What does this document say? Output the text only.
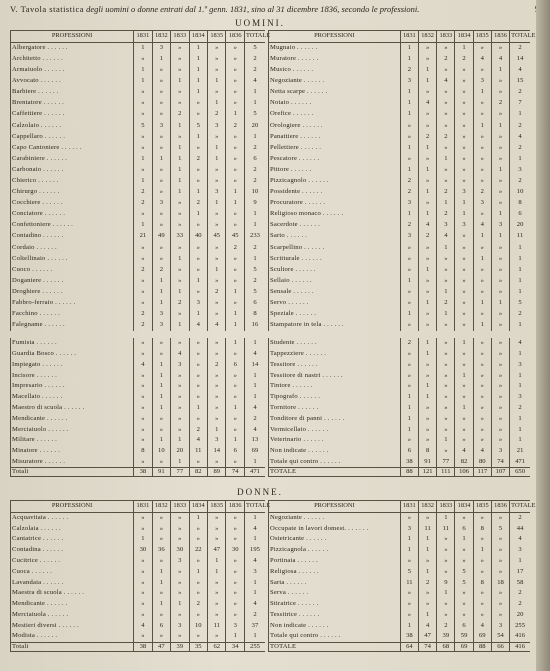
V. Tavola statistica degli uomini o donne entrati dal 1.º genn. 1831, sino al 31 dicembre 1836, secondo le professioni.
UOMINI.
PROFESSIONI	1831	1832	1833	1834	1835	1836	TOTALE
Albergatore . . . . . .	1	3	»	1	»	»	5
Architetto . . . . . .	»	1	»	1	»	»	2
Armaiuolo . . . . . .	1	»	»	1	»	»	2
Avvocato . . . . . .	1	»	1	1	1	»	4
Barbiere . . . . . .	»	»	»	1	»	»	1
Brentatore . . . . . .	»	»	»	»	1	»	1
Caffettiere . . . . . .	»	»	2	»	2	1	5
Calzolaio . . . . . .	5	3	1	5	3	2	20
Cappellaro . . . . . .	»	»	»	1	»	»	1
Capo Cantoniere . . . . . .	»	»	1	»	1	»	2
Carabiniere . . . . . .	1	1	1	2	1	»	6
Carbonaio . . . . . .	»	»	1	»	»	»	2
Chierico . . . . . .	1	»	1	»	»	»	2
Chirurgo . . . . . .	2	»	1	1	3	1	10
Cocchiere . . . . . .	2	3	»	2	1	1	9
Conciatore . . . . . .	»	»	»	1	»	»	1
Confettoniere . . . . . .	1	»	»	»	»	»	1
Contadino . . . . . .	21	49	33	40	45	45	233
Cordaio . . . . . .	»	»	»	»	»	2	2
Coltellinaio . . . . . .	»	»	1	»	»	»	1
Cuoco . . . . . .	2	2	»	»	1	»	5
Doganiere . . . . . .	»	1	»	1	»	»	2
Droghiere . . . . . .	»	1	1	»	2	1	5
Fabbro-ferraio . . . . . .	»	1	2	3	»	»	6
Facchino . . . . . .	2	3	»	1	»	1	8
Falegname . . . . . .	2	3	1	4	4	1	16
PROFESSIONI	1831	1832	1833	1834	1835	1836	TOTALE
Mugnaio . . . . . .	1	»	»	1	»	»	2
Muratore . . . . . .	1	»	2	2	4	4	14
Musico . . . . . .	2	1	»	»	»	1	4
Negoziante . . . . . .	3	1	4	»	3	»	15
Netta scarpe . . . . . .	1	»	»	»	1	»	2
Notaio . . . . . .	1	4	»	»	»	2	7
Orefice . . . . . .	1	»	»	»	»	»	1
Orologiere . . . . . .	»	»	»	»	1	1	2
Panattiere . . . . . .	»	2	2	»	»	»	4
Pellettiere . . . . . .	1	1	»	»	»	»	2
Pescatore . . . . . .	»	»	1	»	»	»	1
Pittore . . . . . .	1	1	»	»	»	1	3
Pizzicagnolo . . . . . .	2	»	»	»	»	»	2
Possidente . . . . . .	2	1	2	3	2	»	10
Procuratore . . . . . .	3	»	1	1	3	»	8
Religioso monaco . . . . . .	1	1	2	1	»	1	6
Sacerdote . . . . . .	2	4	3	3	4	3	20
Sarto . . . . . .	3	2	4	»	1	1	11
Scarpellino . . . . . .	»	»	1	»	»	»	1
Scritturale . . . . . .	»	»	»	»	1	»	1
Scultore . . . . . .	»	1	»	»	»	»	1
Sellaio . . . . . .	1	»	»	»	»	»	1
Sensale . . . . . .	»	»	1	»	»	»	1
Servo . . . . . .	»	1	2	»	1	1	5
Speziale . . . . . .	1	»	1	»	»	»	2
Stampatore in tela . . . . . .	»	»	»	»	1	»	1
Fumista . . . . . .	»	»	»	»	»	1	1
Guardia Bosco . . . . . .	»	»	4	»	»	»	4
Impiegato . . . . . .	4	1	3	»	2	6	14
Incisore . . . . . .	»	1	»	»	»	»	1
Impresario . . . . . .	»	1	»	»	»	»	1
Macellaio . . . . . .	»	1	»	»	»	»	1
Maestro di scuola . . . . . .	»	1	»	1	»	1	4
Mendicante . . . . . .	»	»	»	»	»	»	2
Merciaiuolo . . . . . .	»	»	»	2	1	»	4
Militare . . . . . .	»	1	1	4	3	1	13
Minatore . . . . . .	8	10	20	11	14	6	69
Misuratore . . . . . .	»	»	1	»	»	»	1
Totali	38	91	77	82	89	74	471
Studente . . . . . .	2	1	»	1	»	»	4
Tappezziere . . . . . .	»	1	»	»	»	»	1
Tessitore . . . . . .	»	»	»	»	»	»	3
Tessitore di nastri . . . . . .	»	»	»	1	»	»	1
Tintore . . . . . .	»	1	»	»	»	»	1
Tipografo . . . . . .	1	1	»	»	»	»	3
Tornitore . . . . . .	1	»	»	1	»	»	2
Tonditore di panni . . . . . .	1	»	»	»	»	»	1
Vermicellaio . . . . . .	1	»	»	»	»	»	1
Veterinario . . . . . .	»	»	1	»	»	»	1
Non indicate . . . . . .	6	8	»	4	4	3	21
Totale qui contro . . . . . .	38	91	77	82	80	74	471
TOTALE	88	121	111	106	117	107	650
DONNE.
PROFESSIONI	1831	1832	1833	1834	1835	1836	TOTALE
Acquavitaia . . . . . .	»	»	»	1	»	»	1
Calzolaia . . . . . .	»	»	»	»	»	»	4
Cantatrice . . . . . .	1	»	»	»	»	»	1
Contadina . . . . . .	30	36	30	22	47	30	195
Cucitrice . . . . . .	»	»	3	»	1	»	4
Cuoca . . . . . .	»	1	»	1	1	»	3
Lavandaia . . . . . .	»	1	»	»	»	»	1
Maestra di scuola . . . . . .	»	»	»	»	»	»	1
Mendicante . . . . . .	»	1	1	2	»	»	4
Merciaiuola . . . . . .	»	»	»	»	»	»	2
Mestieri diversi . . . . . .	4	6	3	10	11	3	37
Modista . . . . . .	»	»	»	»	»	1	1
Totali	38	47	39	35	62	34	255
PROFESSIONI	1831	1832	1833	1834	1835	1836	TOTALE
Negoziante . . . . . .	»	»	1	»	»	»	2
Occupate in lavori domest. . . . . . .	3	11	11	6	8	5	44
Ostetricante . . . . . .	1	1	»	1	»	»	4
Pizzicagnola . . . . . .	1	1	»	»	1	»	3
Portinaia . . . . . .	»	»	»	»	»	»	1
Religiosa . . . . . .	5	1	»	5	»	»	17
Sarta . . . . . .	11	2	9	5	8	18	58
Serva . . . . . .	»	»	1	»	»	»	2
Stiratrice . . . . . .	»	»	»	»	»	»	2
Tessitrice . . . . . .	»	1	»	»	»	»	20
Non indicate . . . . . .	1	4	2	6	4	3	255
Totale qui contro . . . . . .	38	47	39	59	69	54	416
TOTALE	64	74	68	69	88	66	416
